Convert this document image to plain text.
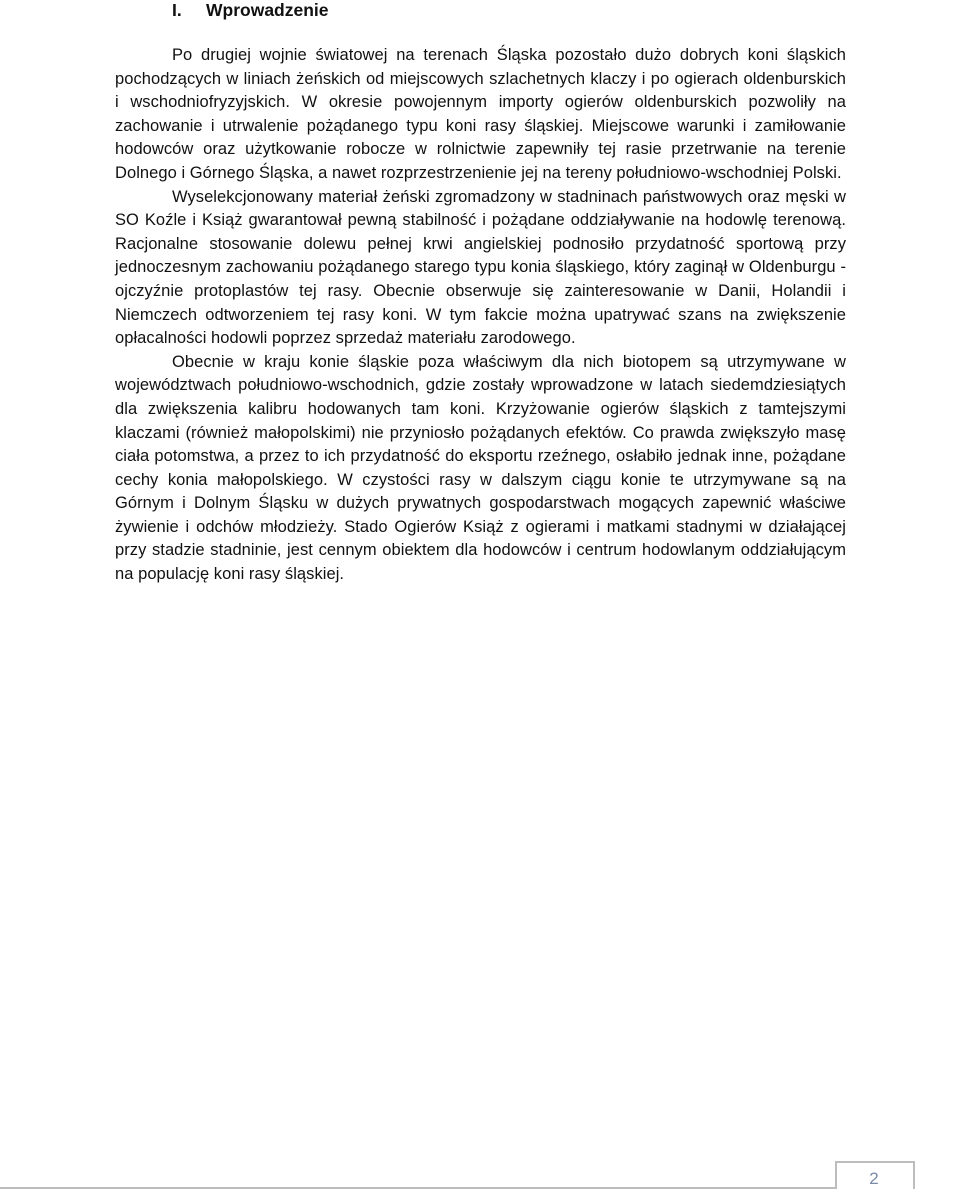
I. Wprowadzenie

Po drugiej wojnie światowej na terenach Śląska pozostało dużo dobrych koni śląskich pochodzących w liniach żeńskich od miejscowych szlachetnych klaczy i po ogierach oldenburskich i wschodniofryzyjskich. W okresie powojennym importy ogierów oldenburskich pozwoliły na zachowanie i utrwalenie pożądanego typu koni rasy śląskiej. Miejscowe warunki i zamiłowanie hodowców oraz użytkowanie robocze w rolnictwie zapewniły tej rasie przetrwanie na terenie Dolnego i Górnego Śląska, a nawet rozprzestrzenienie jej na tereny południowo-wschodniej Polski.

Wyselekcjonowany materiał żeński zgromadzony w stadninach państwowych oraz męski w SO Koźle i Książ gwarantował pewną stabilność i pożądane oddziaływanie na hodowlę terenową. Racjonalne stosowanie dolewu pełnej krwi angielskiej podnosiło przydatność sportową przy jednoczesnym zachowaniu pożądanego starego typu konia śląskiego, który zaginął w Oldenburgu - ojczyźnie protoplastów tej rasy. Obecnie obserwuje się zainteresowanie w Danii, Holandii i Niemczech odtworzeniem tej rasy koni. W tym fakcie można upatrywać szans na zwiększenie opłacalności hodowli poprzez sprzedaż materiału zarodowego.

Obecnie w kraju konie śląskie poza właściwym dla nich biotopem są utrzymywane w województwach południowo-wschodnich, gdzie zostały wprowadzone w latach siedemdziesiątych dla zwiększenia kalibru hodowanych tam koni. Krzyżowanie ogierów śląskich z tamtejszymi klaczami (również małopolskimi) nie przyniosło pożądanych efektów. Co prawda zwiększyło masę ciała potomstwa, a przez to ich przydatność do eksportu rzeźnego, osłabiło jednak inne, pożądane cechy konia małopolskiego. W czystości rasy w dalszym ciągu konie te utrzymywane są na Górnym i Dolnym Śląsku w dużych prywatnych gospodarstwach mogących zapewnić właściwe żywienie i odchów młodzieży. Stado Ogierów Książ z ogierami i matkami stadnymi w działającej przy stadzie stadninie, jest cennym obiektem dla hodowców i centrum hodowlanym oddziałującym na populację koni rasy śląskiej.

2
